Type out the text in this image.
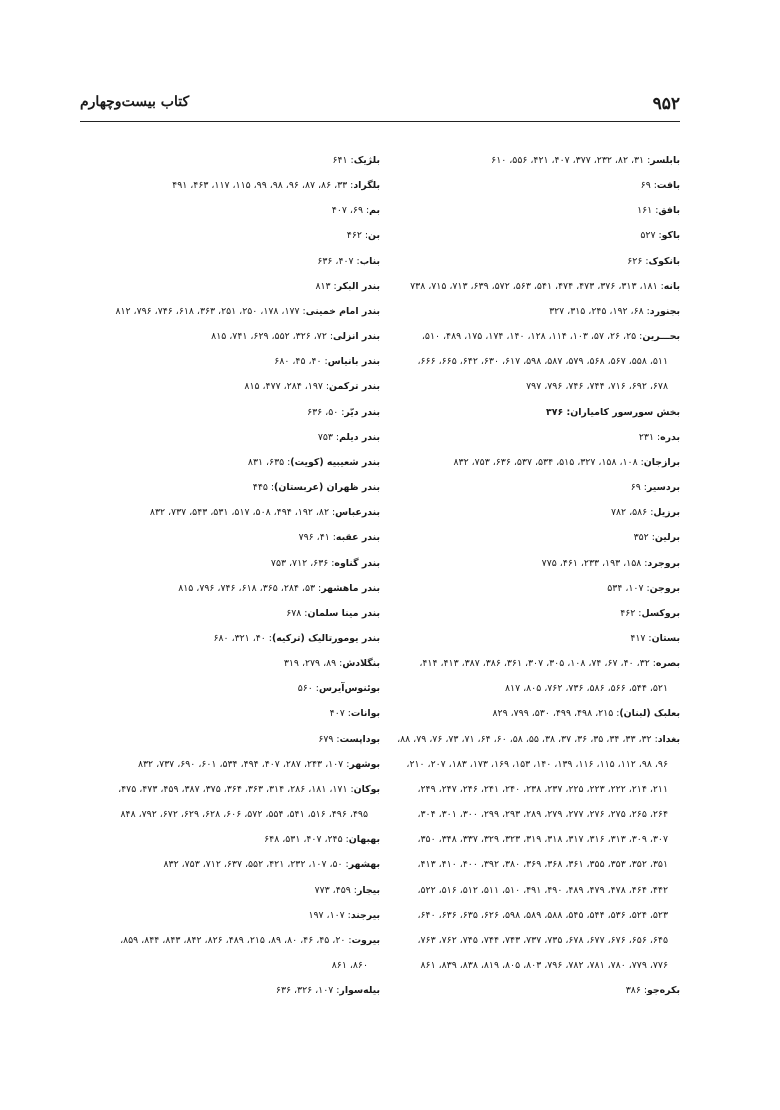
۹۵۲
کتاب بیست‌وچهارم
بابلسر : ۳۱، ۸۲، ۲۳۲، ۳۷۷، ۴۰۷، ۴۲۱، ۵۵۶، ۶۱۰
بافت : ۶۹
بافق : ۱۶۱
باکو : ۵۲۷
بانکوک : ۶۲۶
بانه : ۱۸۱، ۳۱۳، ۳۷۶، ۴۷۳، ۴۷۴، ۵۴۱، ۵۶۳، ۵۷۲، ۶۳۹، ۷۱۳، ۷۱۵، ۷۳۸
بجنورد : ۶۸، ۱۹۲، ۲۴۵، ۳۱۵، ۳۲۷
بحـــرین : ۲۵، ۲۶، ۵۷، ۱۰۳، ۱۱۴، ۱۲۸، ۱۴۰، ۱۷۴، ۱۷۵، ۴۸۹، ۵۱۰،
۵۱۱، ۵۵۸، ۵۶۷، ۵۶۸، ۵۷۹، ۵۸۷، ۵۹۸، ۶۱۷، ۶۳۰، ۶۴۲، ۶۶۵، ۶۶۶،
۶۷۸، ۶۹۲، ۷۱۶، ۷۴۴، ۷۴۶، ۷۹۶، ۷۹۷
بخش سورسور کامیاران: ۳۷۶
بدره : ۲۳۱
برازجان : ۱۰۸، ۱۵۸، ۳۲۷، ۵۱۵، ۵۳۴، ۵۳۷، ۶۳۶، ۷۵۳، ۸۳۲
بردسیر : ۶۹
برزیل : ۵۸۶، ۷۸۲
برلین : ۳۵۲
بروجرد : ۱۵۸، ۱۹۳، ۲۳۳، ۴۶۱، ۷۷۵
بروجن : ۱۰۷، ۵۳۴
بروکسل : ۴۶۲
بستان : ۴۱۷
بصره : ۳۲، ۴۰، ۶۷، ۷۴، ۱۰۸، ۳۰۵، ۳۰۷، ۳۶۱، ۳۸۶، ۳۸۷، ۴۱۳، ۴۱۴،
۵۲۱، ۵۴۴، ۵۶۶، ۵۸۶، ۷۳۶، ۷۶۲، ۸۰۵، ۸۱۷
بعلبک (لبنان) : ۲۱۵، ۴۹۸، ۴۹۹، ۵۳۰، ۷۹۹، ۸۲۹
بغداد : ۳۲، ۳۳، ۳۴، ۳۵، ۳۶، ۳۷، ۳۸، ۵۵، ۵۸، ۶۰، ۶۴، ۷۱، ۷۳، ۷۶، ۷۹، ۸۸،
۹۶، ۹۸، ۱۱۲، ۱۱۵، ۱۱۶، ۱۳۹، ۱۴۰، ۱۵۳، ۱۶۹، ۱۷۳، ۱۸۳، ۲۰۷، ۲۱۰،
۲۱۱، ۲۱۴، ۲۲۲، ۲۲۳، ۲۲۵، ۲۳۷، ۲۳۸، ۲۴۰، ۲۴۱، ۲۴۶، ۲۴۷، ۲۴۹،
۲۶۴، ۲۶۵، ۲۷۵، ۲۷۶، ۲۷۷، ۲۷۹، ۲۸۹، ۲۹۳، ۲۹۹، ۳۰۰، ۳۰۱، ۳۰۴،
۳۰۷، ۳۰۹، ۳۱۳، ۳۱۶، ۳۱۷، ۳۱۸، ۳۱۹، ۳۲۳، ۳۲۹، ۳۳۷، ۳۴۸، ۳۵۰،
۳۵۱، ۳۵۲، ۳۵۳، ۳۵۵، ۳۶۱، ۳۶۸، ۳۶۹، ۳۸۰، ۳۹۲، ۴۰۰، ۴۱۰، ۴۱۳،
۴۴۲، ۴۶۴، ۴۷۸، ۴۷۹، ۴۸۹، ۴۹۰، ۴۹۱، ۵۱۰، ۵۱۱، ۵۱۲، ۵۱۶، ۵۲۲،
۵۲۳، ۵۲۴، ۵۳۶، ۵۴۴، ۵۴۵، ۵۸۸، ۵۸۹، ۵۹۸، ۶۲۶، ۶۳۵، ۶۳۶، ۶۴۰،
۶۴۵، ۶۵۶، ۶۷۶، ۶۷۷، ۶۷۸، ۷۳۵، ۷۳۷، ۷۴۳، ۷۴۴، ۷۴۵، ۷۶۲، ۷۶۳،
۷۷۶، ۷۷۹، ۷۸۰، ۷۸۱، ۷۸۲، ۷۹۶، ۸۰۳، ۸۰۵، ۸۱۹، ۸۳۸، ۸۳۹، ۸۶۱
بکره‌جو : ۳۸۶
بلژیک : ۶۴۱
بلگراد : ۳۳، ۸۶، ۸۷، ۹۶، ۹۸، ۹۹، ۱۱۵، ۱۱۷، ۴۶۳، ۴۹۱
بم : ۶۹، ۴۰۷
بن : ۴۶۲
بناب : ۴۰۷، ۶۳۶
بندر البکر : ۸۱۳
بندر امام خمینی : ۱۷۷، ۱۷۸، ۲۵۰، ۲۵۱، ۳۶۳، ۶۱۸، ۷۴۶، ۷۹۶، ۸۱۲
بندر انزلی : ۷۲، ۳۲۶، ۵۵۲، ۶۲۹، ۷۴۱، ۸۱۵
بندر بانیاس : ۴۰، ۴۵، ۶۸۰
بندر ترکمن : ۱۹۷، ۲۸۴، ۴۷۷، ۸۱۵
بندر دیّر : ۵۰، ۶۳۶
بندر دیلم : ۷۵۳
بندر شعیبیه (کویت) : ۶۳۵، ۸۳۱
بندر ظهران (عربستان) : ۴۴۵
بندرعباس : ۸۲، ۱۹۲، ۴۹۴، ۵۰۸، ۵۱۷، ۵۳۱، ۵۴۳، ۷۳۷، ۸۳۲
بندر عقبه : ۴۱، ۷۹۶
بندر گناوه : ۶۳۶، ۷۱۲، ۷۵۳
بندر ماهشهر : ۵۳، ۲۸۴، ۳۶۵، ۶۱۸، ۷۴۶، ۷۹۶، ۸۱۵
بندر مینا سلمان : ۶۷۸
بندر یومورتالیک (ترکیه) : ۴۰، ۳۲۱، ۶۸۰
بنگلادش : ۸۹، ۲۷۹، ۳۱۹
بوئنوس‌آیرس : ۵۶۰
بوانات : ۴۰۷
بوداپست : ۶۷۹
بوشهر : ۱۰۷، ۲۴۳، ۲۸۷، ۴۰۷، ۴۹۴، ۵۳۴، ۶۰۱، ۶۹۰، ۷۳۷، ۸۳۲
بوکان : ۱۷۱، ۱۸۱، ۲۸۶، ۳۱۴، ۳۶۳، ۳۶۴، ۳۷۵، ۳۸۷، ۴۵۹، ۴۷۳، ۴۷۵،
۴۹۵، ۴۹۶، ۵۱۶، ۵۴۱، ۵۵۴، ۵۷۲، ۶۰۶، ۶۲۸، ۶۲۹، ۶۷۲، ۷۹۲، ۸۴۸
بهبهان : ۲۴۵، ۴۰۷، ۵۳۱، ۶۴۸
بهشهر : ۵۰، ۱۰۷، ۲۳۲، ۴۲۱، ۵۵۲، ۶۳۷، ۷۱۲، ۷۵۳، ۸۳۲
بیجار : ۴۵۹، ۷۷۳
بیرجند : ۱۰۷، ۱۹۷
بیروت : ۲۰، ۴۵، ۴۶، ۸۰، ۸۹، ۲۱۵، ۴۸۹، ۸۲۶، ۸۴۲، ۸۴۳، ۸۴۴، ۸۵۹،
۸۶۰، ۸۶۱
بیله‌سوار : ۱۰۷، ۳۲۶، ۶۳۶
